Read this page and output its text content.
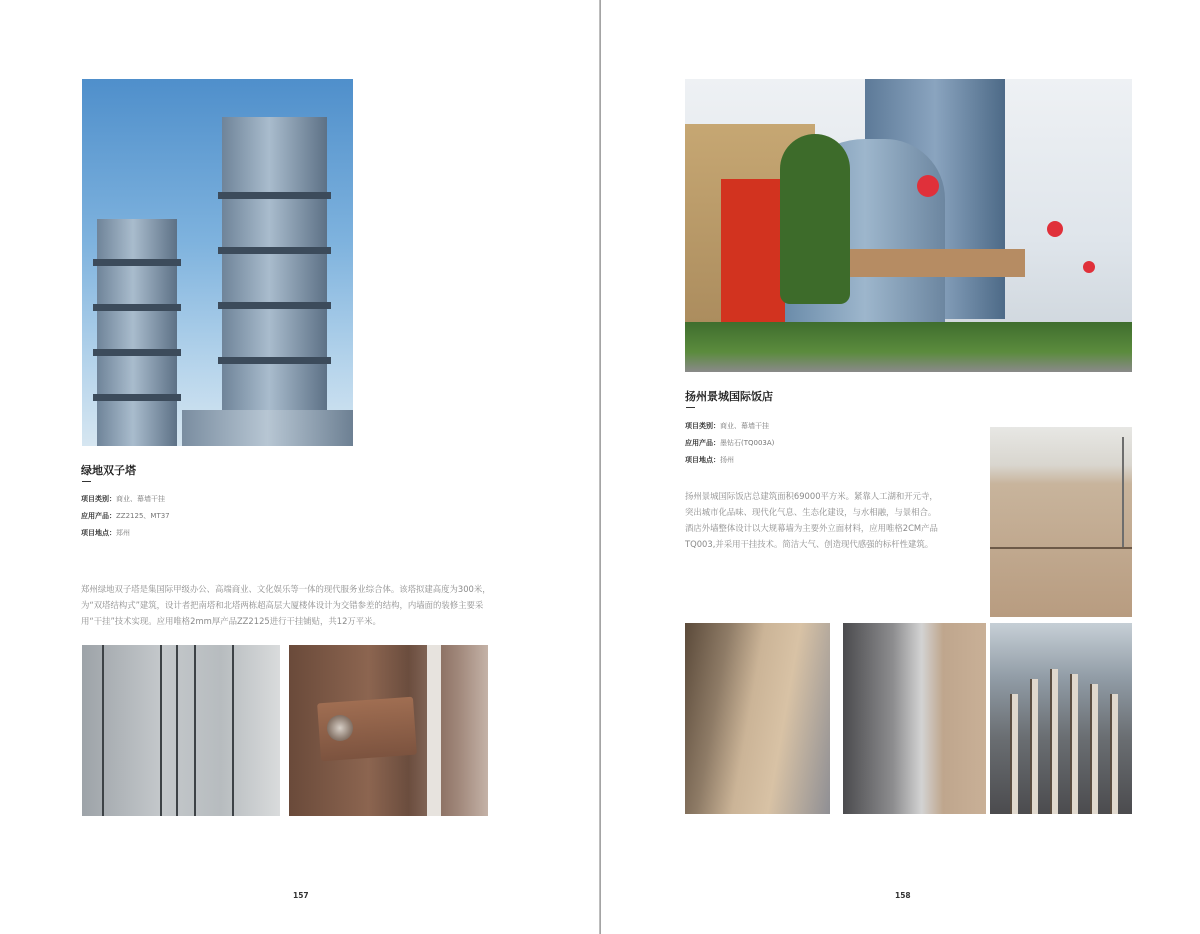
绿地双子塔
项目类别：商业、幕墙干挂
应用产品：ZZ2125、MT37
项目地点：郑州
郑州绿地双子塔是集国际甲级办公、高端商业、文化娱乐等一体的现代服务业综合体。该塔拟建高度为300米，
为“双塔结构式”建筑，设计者把南塔和北塔两栋超高层大厦楼体设计为交错参差的结构，内墙面的装修主要采
用“干挂”技术实现。应用唯格2mm厚产品ZZ2125进行干挂铺贴，共12万平米。
157
扬州景城国际饭店
项目类别：商业、幕墙干挂
应用产品：墨钻石(TQ003A)
项目地点：扬州
扬州景城国际饭店总建筑面积69000平方米。紧靠人工湖和开元寺，
突出城市化品味、现代化气息、生态化建设，与水相融，与景相合。
酒店外墙整体设计以大规幕墙为主要外立面材料，应用唯格2CM产品
TQ003,并采用干挂技术。简洁大气、创造现代感强的标杆性建筑。
158
